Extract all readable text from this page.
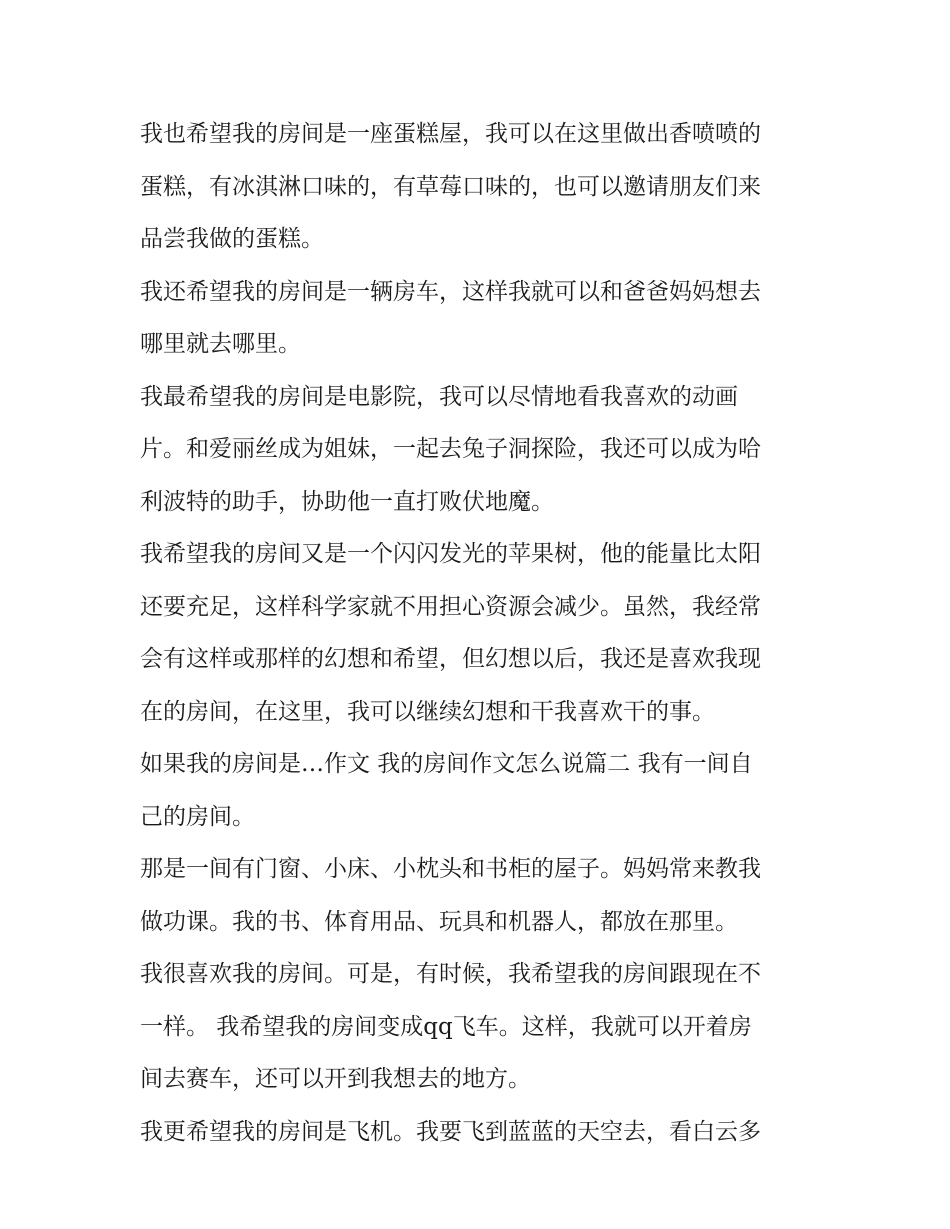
我也希望我的房间是一座蛋糕屋，我可以在这里做出香喷喷的

蛋糕，有冰淇淋口味的，有草莓口味的，也可以邀请朋友们来

品尝我做的蛋糕。

我还希望我的房间是一辆房车，这样我就可以和爸爸妈妈想去

哪里就去哪里。

我最希望我的房间是电影院，我可以尽情地看我喜欢的动画

片。和爱丽丝成为姐妹，一起去兔子洞探险，我还可以成为哈

利波特的助手，协助他一直打败伏地魔。

我希望我的房间又是一个闪闪发光的苹果树，他的能量比太阳

还要充足，这样科学家就不用担心资源会减少。虽然，我经常

会有这样或那样的幻想和希望，但幻想以后，我还是喜欢我现

在的房间，在这里，我可以继续幻想和干我喜欢干的事。

如果我的房间是…作文 我的房间作文怎么说篇二 我有一间自

己的房间。

那是一间有门窗、小床、小枕头和书柜的屋子。妈妈常来教我

做功课。我的书、体育用品、玩具和机器人，都放在那里。

我很喜欢我的房间。可是，有时候，我希望我的房间跟现在不

一样。 我希望我的房间变成qq飞车。这样，我就可以开着房

间去赛车，还可以开到我想去的地方。

我更希望我的房间是飞机。我要飞到蓝蓝的天空去，看白云多
